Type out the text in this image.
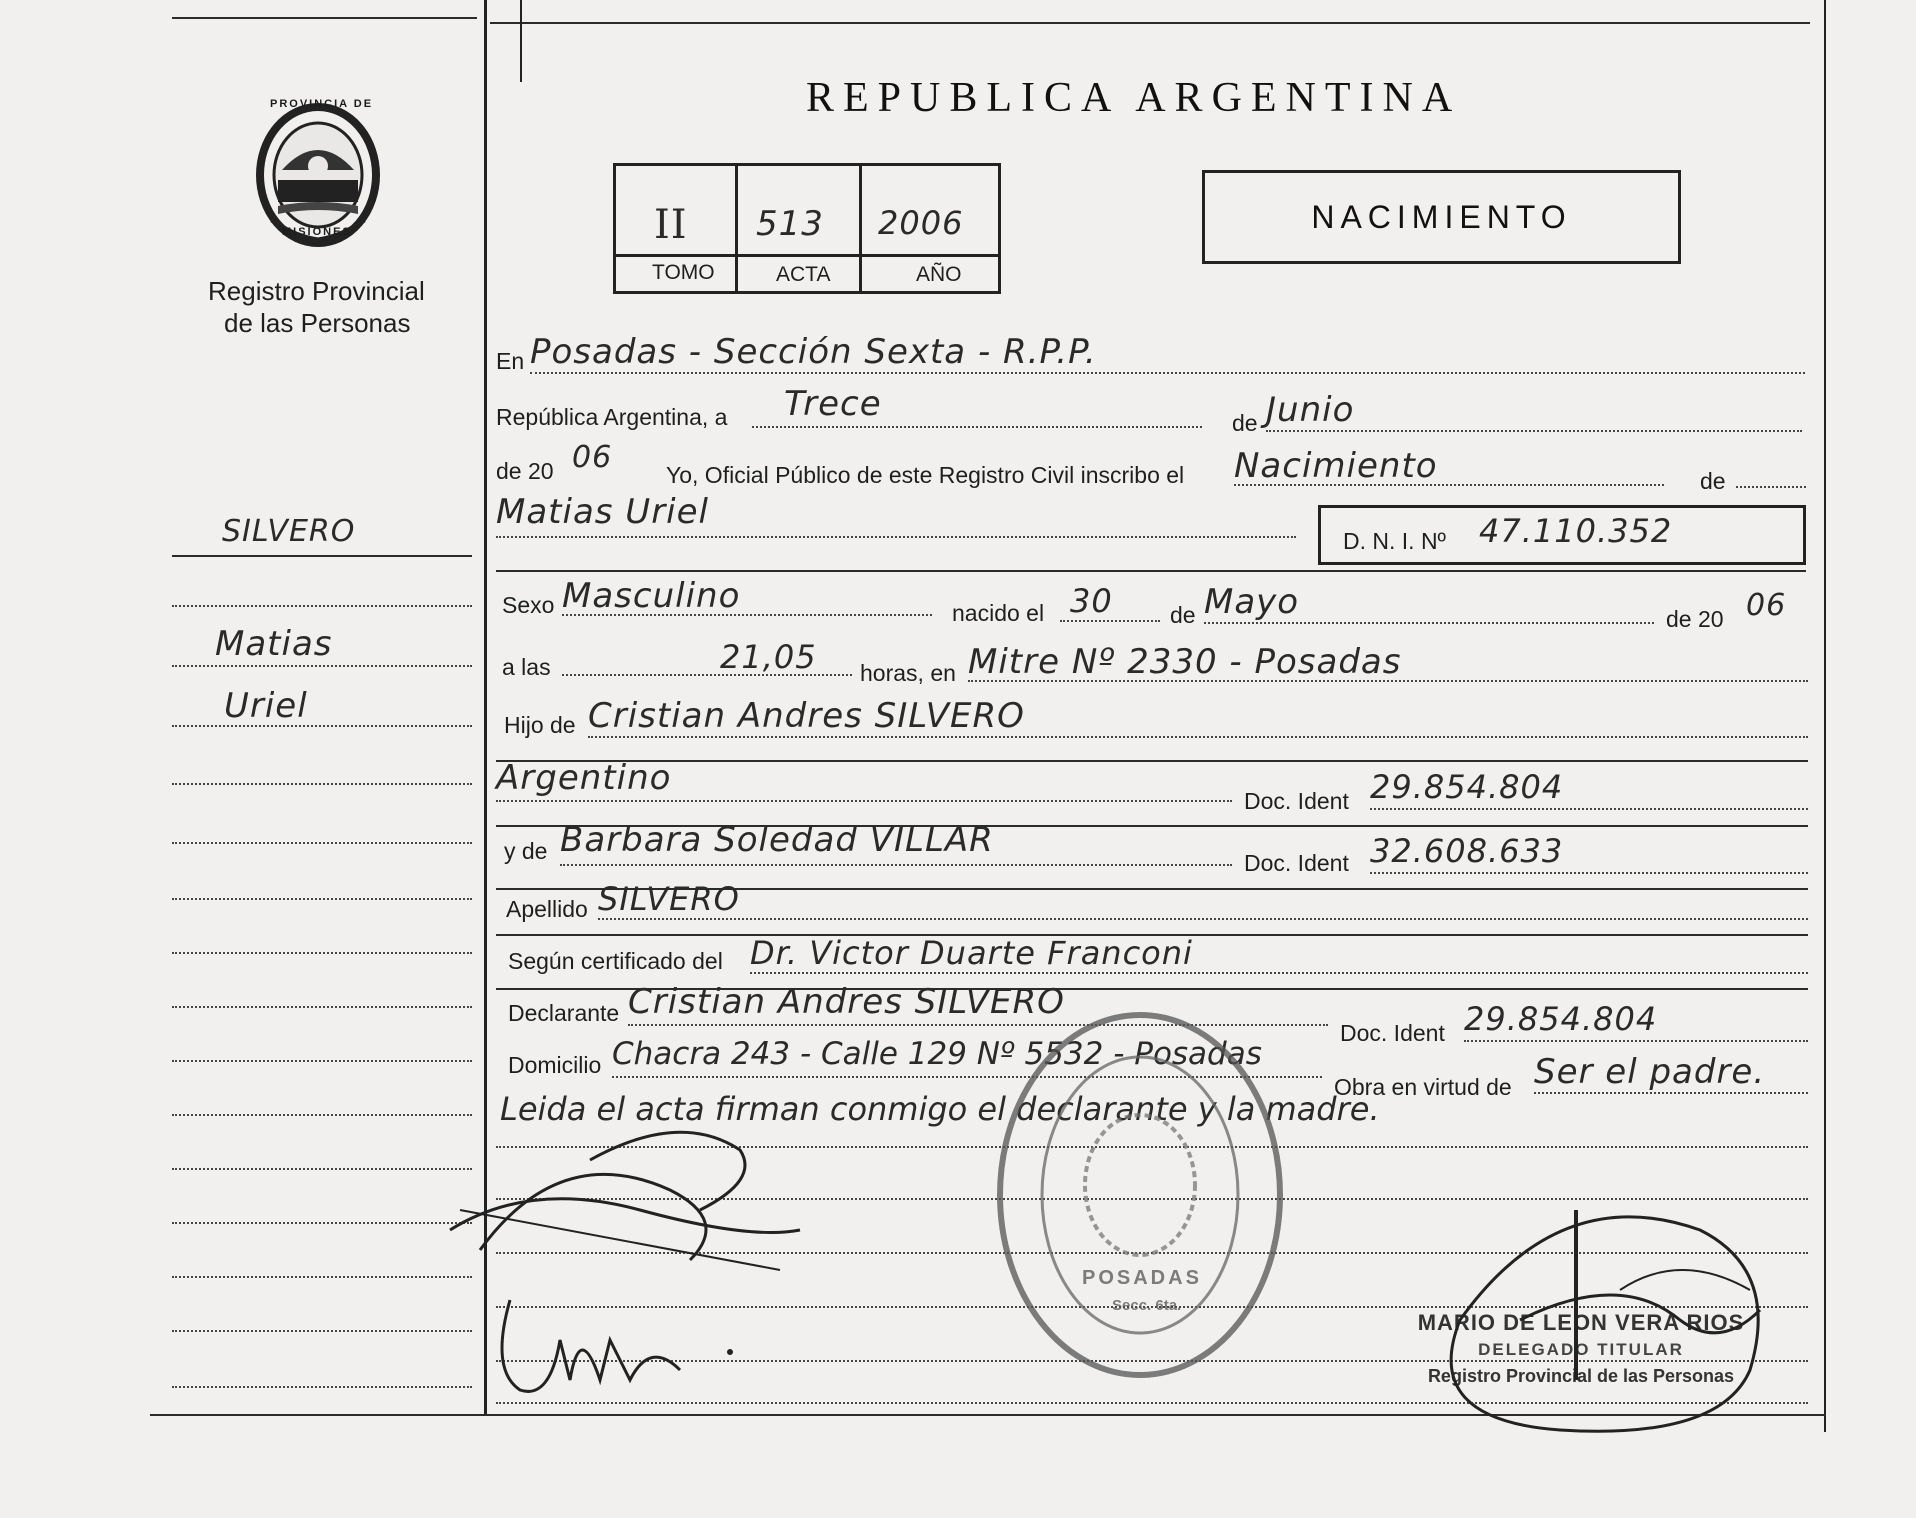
PROVINCIA DE
MISIONES
Registro Provincial
de las Personas
REPUBLICA ARGENTINA
II 513 2006
TOMO	ACTA	AÑO
NACIMIENTO
SILVERO
Matias
Uriel
En Posadas - Sección Sexta - R.P.P.
República Argentina, a Trece	de Junio
de 20 06 Yo, Oficial Público de este Registro Civil inscribo el Nacimiento	de
Matias Uriel
D. N. I. Nº 47.110.352
Sexo Masculino	nacido el 30 de Mayo	de 20 06
a las	21,05 horas, en Mitre Nº 2330 - Posadas
Hijo de Cristian Andres SILVERO
Argentino
Doc. Ident 29.854.804
y de Barbara Soledad VILLAR
Doc. Ident 32.608.633
Apellido SILVERO
Según certificado del Dr. Victor Duarte Franconi
Declarante Cristian Andres SILVERO
Doc. Ident 29.854.804
Domicilio Chacra 243 - Calle 129 Nº 5532 - Posadas
Obra en virtud de Ser el padre.
Leida el acta firman conmigo el declarante y la madre.
POSADAS
Secc. 6ta.
MARIO DE LEON VERA RIOS
DELEGADO TITULAR
Registro Provincial de las Personas
